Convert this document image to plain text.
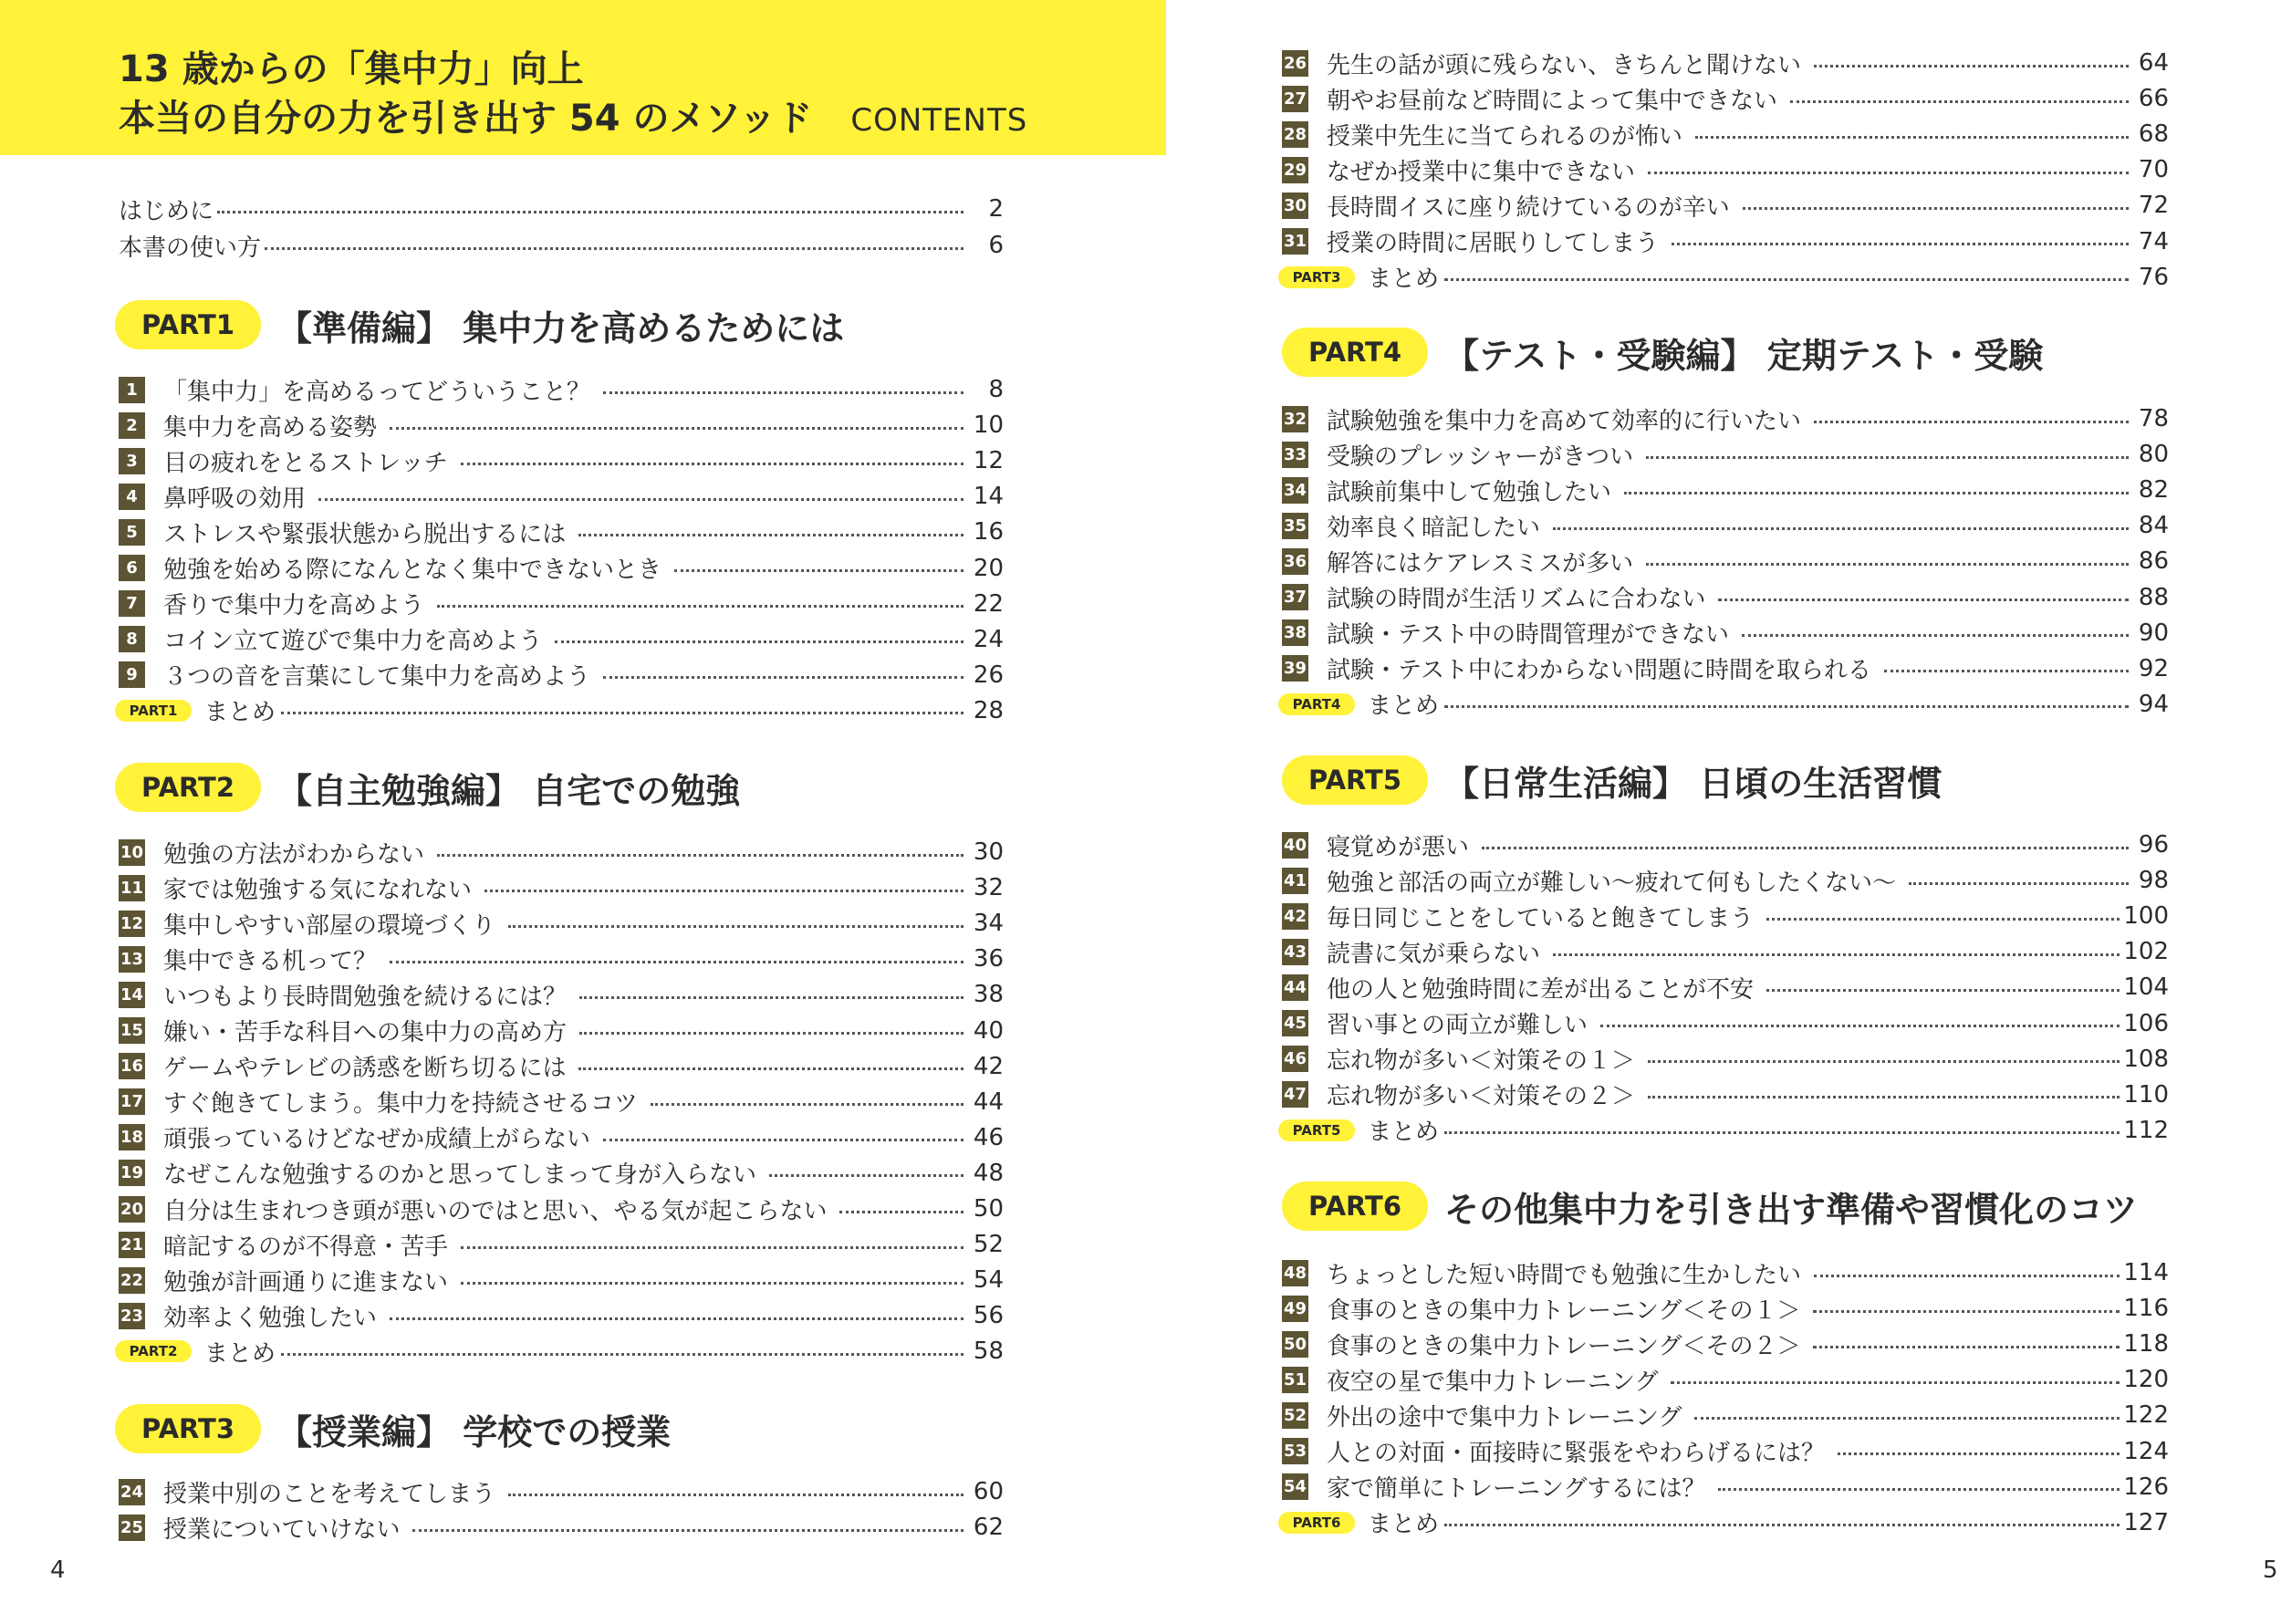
13 歳からの「集中力」向上
本当の自分の力を引き出す 54 のメソッド CONTENTS
はじめに	2
本書の使い方	6
PART1	【準備編】 集中力を高めるためには
1	「集中力」を高めるってどういうこと？	8
2	集中力を高める姿勢	10
3	目の疲れをとるストレッチ	12
4	鼻呼吸の効用	14
5	ストレスや緊張状態から脱出するには	16
6	勉強を始める際になんとなく集中できないとき	20
7	香りで集中力を高めよう	22
8	コイン立て遊びで集中力を高めよう	24
9	３つの音を言葉にして集中力を高めよう	26
PART1	まとめ	28
PART2	【自主勉強編】 自宅での勉強
10 勉強の方法がわからない	30
11 家では勉強する気になれない	32
12 集中しやすい部屋の環境づくり	34
13 集中できる机って？	36
14 いつもより長時間勉強を続けるには？	38
15 嫌い・苦手な科目への集中力の高め方	40
16 ゲームやテレビの誘惑を断ち切るには	42
17 すぐ飽きてしまう。集中力を持続させるコツ	44
18 頑張っているけどなぜか成績上がらない	46
19 なぜこんな勉強するのかと思ってしまって身が入らない	48
20 自分は生まれつき頭が悪いのではと思い、やる気が起こらない	50
21 暗記するのが不得意・苦手	52
22 勉強が計画通りに進まない	54
23 効率よく勉強したい	56
PART2	まとめ	58
PART3	【授業編】 学校での授業
24 授業中別のことを考えてしまう	60
25 授業についていけない	62
4
26 先生の話が頭に残らない、きちんと聞けない	64
27 朝やお昼前など時間によって集中できない	66
28 授業中先生に当てられるのが怖い	68
29 なぜか授業中に集中できない	70
30 長時間イスに座り続けているのが辛い	72
31 授業の時間に居眠りしてしまう	74
PART3	まとめ	76
PART4	【テスト・受験編】 定期テスト・受験
32 試験勉強を集中力を高めて効率的に行いたい	78
33 受験のプレッシャーがきつい	80
34 試験前集中して勉強したい	82
35 効率良く暗記したい	84
36 解答にはケアレスミスが多い	86
37 試験の時間が生活リズムに合わない	88
38 試験・テスト中の時間管理ができない	90
39 試験・テスト中にわからない問題に時間を取られる	92
PART4	まとめ	94
PART5	【日常生活編】 日頃の生活習慣
40 寝覚めが悪い	96
41 勉強と部活の両立が難しい〜疲れて何もしたくない〜	98
42 毎日同じことをしていると飽きてしまう	100
43 読書に気が乗らない	102
44 他の人と勉強時間に差が出ることが不安	104
45 習い事との両立が難しい	106
46 忘れ物が多い＜対策その１＞	108
47 忘れ物が多い＜対策その２＞	110
PART5	まとめ	112
PART6	その他集中力を引き出す準備や習慣化のコツ
48 ちょっとした短い時間でも勉強に生かしたい	114
49 食事のときの集中力トレーニング＜その１＞	116
50 食事のときの集中力トレーニング＜その２＞	118
51 夜空の星で集中力トレーニング	120
52 外出の途中で集中力トレーニング	122
53 人との対面・面接時に緊張をやわらげるには？	124
54 家で簡単にトレーニングするには？	126
PART6	まとめ	127
5
